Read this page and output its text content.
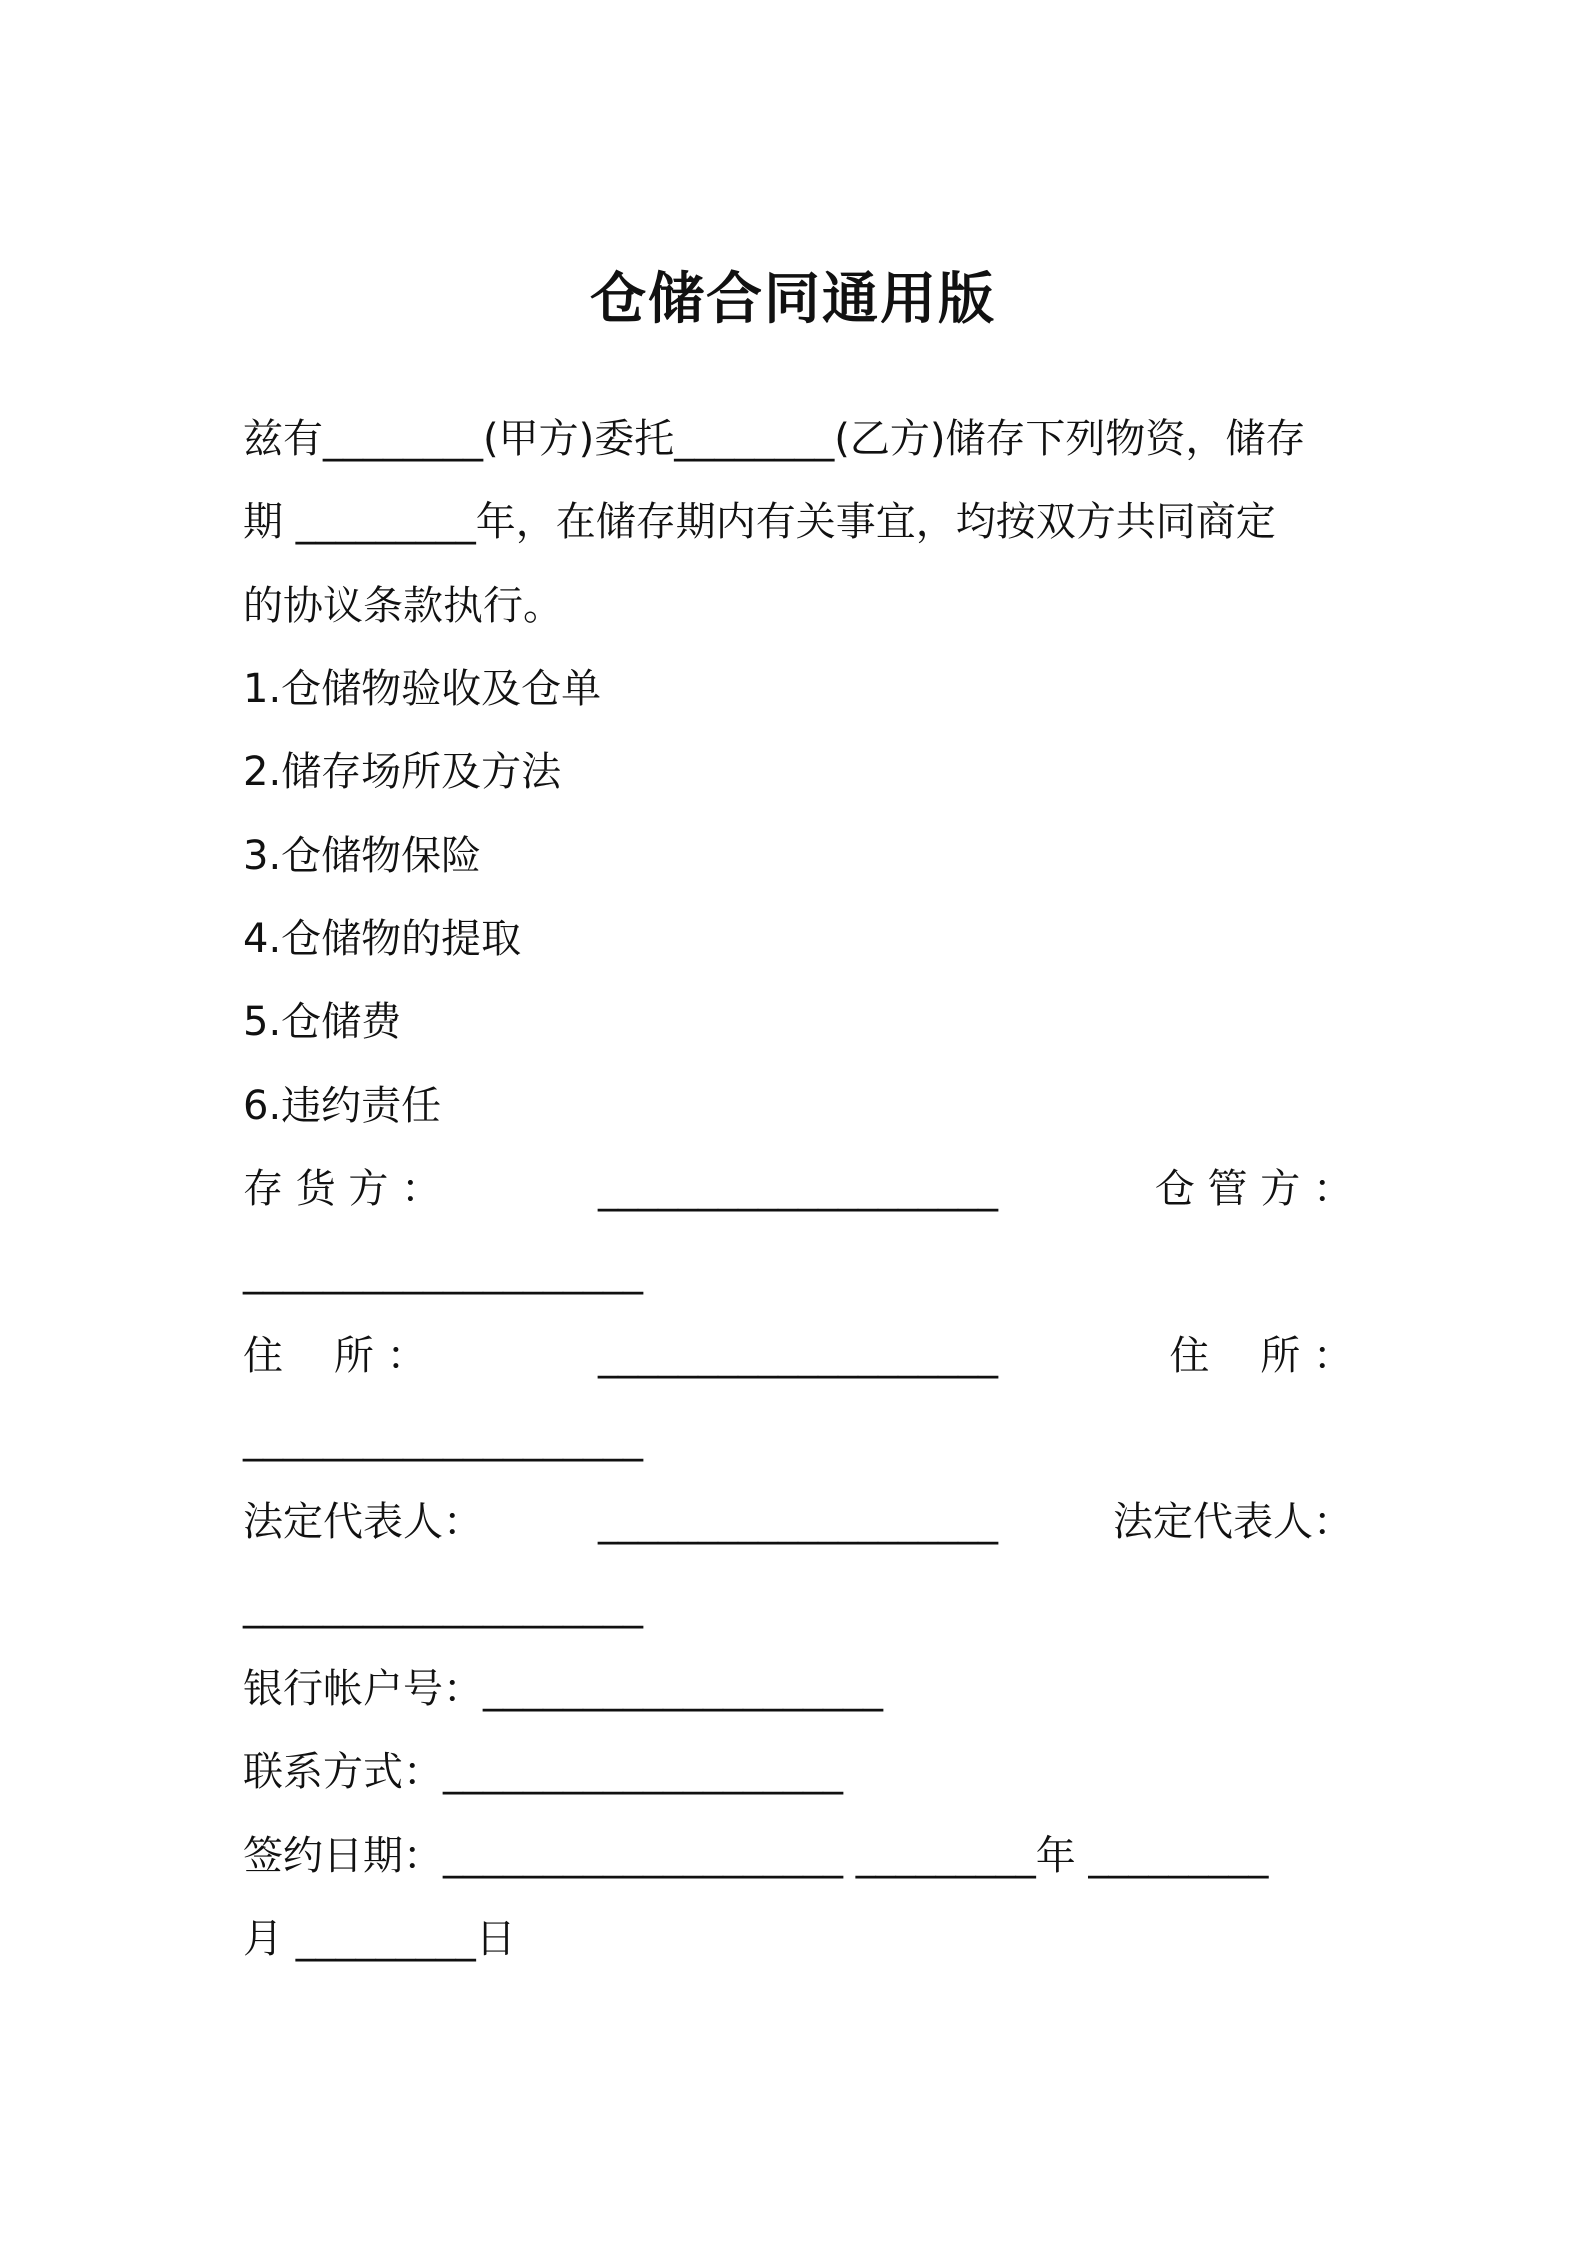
仓储合同通用版
兹有________(甲方)委托________(乙方)储存下列物资，储存
期 _________年，在储存期内有关事宜，均按双方共同商定
的协议条款执行。
1.仓储物验收及仓单
2.储存场所及方法
3.仓储物保险
4.仓储物的提取
5.仓储费
6.违约责任
存 货 方 ：	____________________	仓 管 方 ：
____________________
住    所 ：	____________________	住    所 ：
____________________
法定代表人：	____________________	法定代表人：
____________________
银行帐户号：____________________
联系方式：____________________
签约日期：____________________ _________年 _________
月 _________日
